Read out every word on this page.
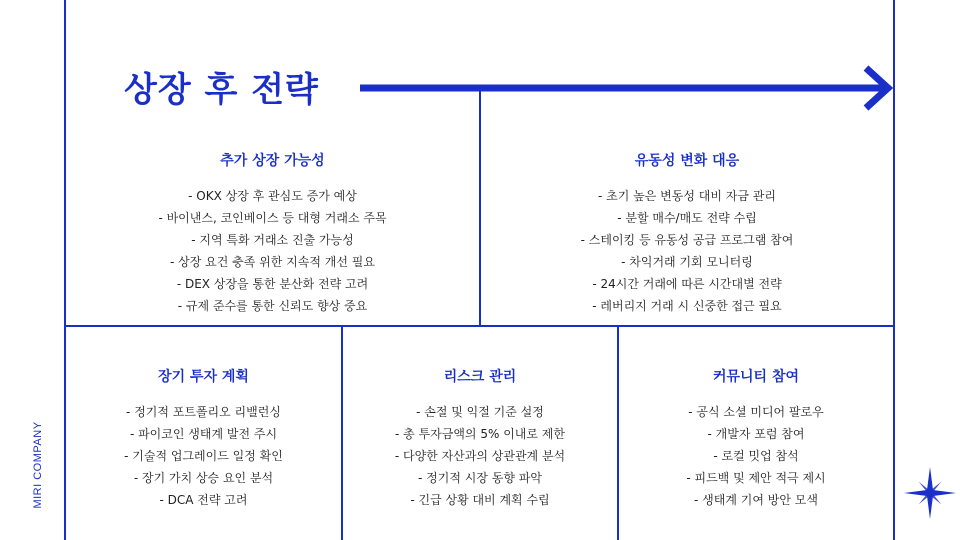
상장 후 전략
MIRI COMPANY
추가 상장 가능성
- OKX 상장 후 관심도 증가 예상
- 바이낸스, 코인베이스 등 대형 거래소 주목
- 지역 특화 거래소 진출 가능성
- 상장 요건 충족 위한 지속적 개선 필요
- DEX 상장을 통한 분산화 전략 고려
- 규제 준수를 통한 신뢰도 향상 중요
유동성 변화 대응
- 초기 높은 변동성 대비 자금 관리
- 분할 매수/매도 전략 수립
- 스테이킹 등 유동성 공급 프로그램 참여
- 차익거래 기회 모니터링
- 24시간 거래에 따른 시간대별 전략
- 레버리지 거래 시 신중한 접근 필요
장기 투자 계획
- 정기적 포트폴리오 리밸런싱
- 파이코인 생태계 발전 주시
- 기술적 업그레이드 일정 확인
- 장기 가치 상승 요인 분석
- DCA 전략 고려
리스크 관리
- 손절 및 익절 기준 설정
- 총 투자금액의 5% 이내로 제한
- 다양한 자산과의 상관관계 분석
- 정기적 시장 동향 파악
- 긴급 상황 대비 계획 수립
커뮤니티 참여
- 공식 소셜 미디어 팔로우
- 개발자 포럼 참여
- 로컬 밋업 참석
- 피드백 및 제안 적극 제시
- 생태계 기여 방안 모색
